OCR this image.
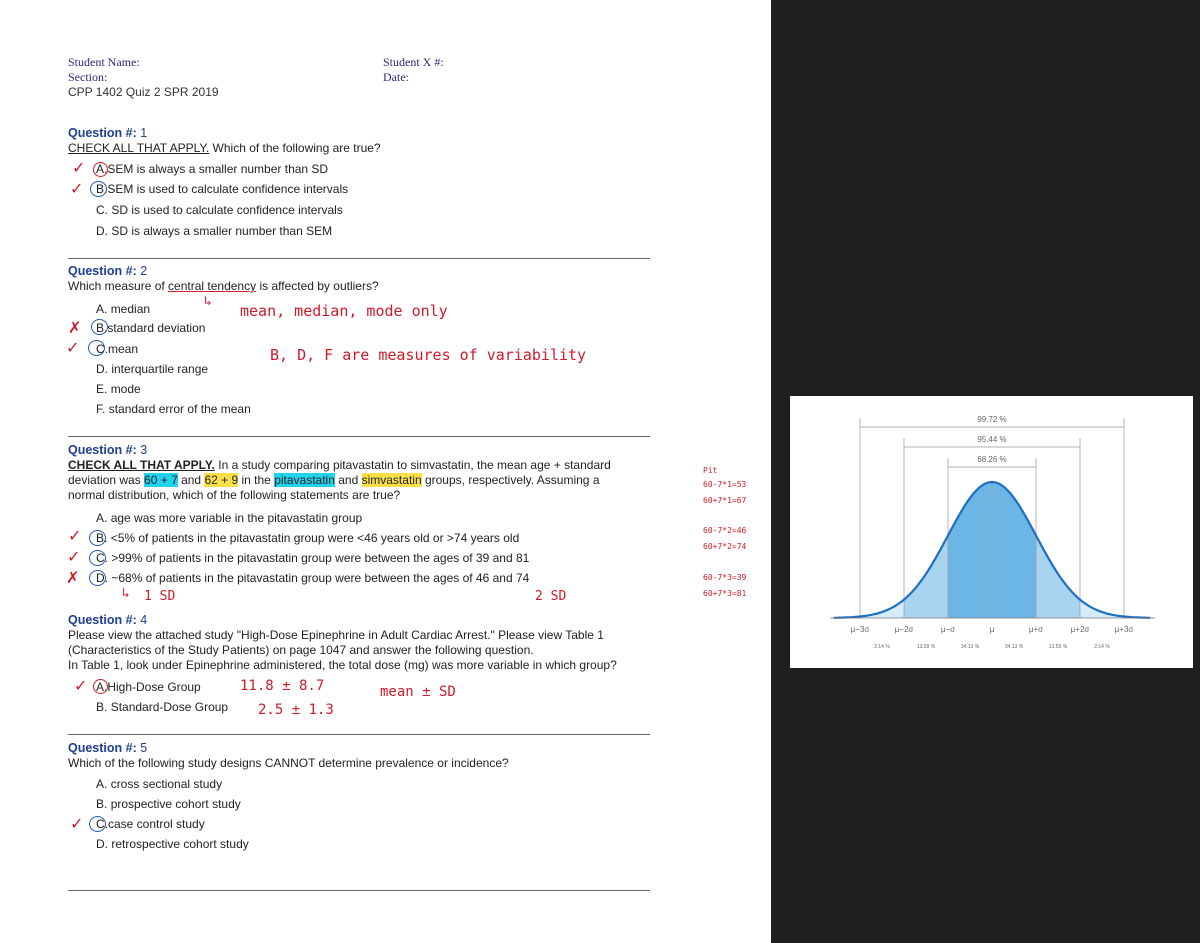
Student Name:
Section:
CPP 1402 Quiz 2 SPR 2019
Student X #:
Date:
Question #: 1
CHECK ALL THAT APPLY. Which of the following are true?
✓ A.SEM is always a smaller number than SD
✓ B.SEM is used to calculate confidence intervals
C. SD is used to calculate confidence intervals
D. SD is always a smaller number than SEM
Question #: 2
Which measure of central tendency is affected by outliers?
A. median	↳
mean, median, mode only
✗ B.standard deviation
✓ C.mean	B, D, F are measures of variability
D. interquartile range
E. mode
F. standard error of the mean
Question #: 3
CHECK ALL THAT APPLY. In a study comparing pitavastatin to simvastatin, the mean age + standard
deviation was 60 + 7 and 62 + 9 in the pitavastatin and simvastatin groups, respectively. Assuming a
normal distribution, which of the following statements are true?
A. age was more variable in the pitavastatin group
✓ B. <5% of patients in the pitavastatin group were <46 years old or >74 years old
✓ C. >99% of patients in the pitavastatin group were between the ages of 39 and 81
✗ D. ~68% of patients in the pitavastatin group were between the ages of 46 and 74
↳ 1 SD	2 SD
Pit
60-7*1=53
60+7*1=67
60-7*2=46
60+7*2=74
60-7*3=39
60+7*3=81
Question #: 4
Please view the attached study "High-Dose Epinephrine in Adult Cardiac Arrest." Please view Table 1
(Characteristics of the Study Patients) on page 1047 and answer the following question.
In Table 1, look under Epinephrine administered, the total dose (mg) was more variable in which group?
✓ A.High-Dose Group	11.8 ± 8.7	mean ± SD
B. Standard-Dose Group 2.5 ± 1.3
Question #: 5
Which of the following study designs CANNOT determine prevalence or incidence?
A. cross sectional study
B. prospective cohort study
✓ C.case control study
D. retrospective cohort study
99.72 %
95.44 %
68.26 %
μ−3σ	μ−2σ	μ−σ	μ	μ+σ	μ+2σ	μ+3σ
2.14 %	13.59 %	34.13 %	34.13 %	13.59 %	2.14 %
